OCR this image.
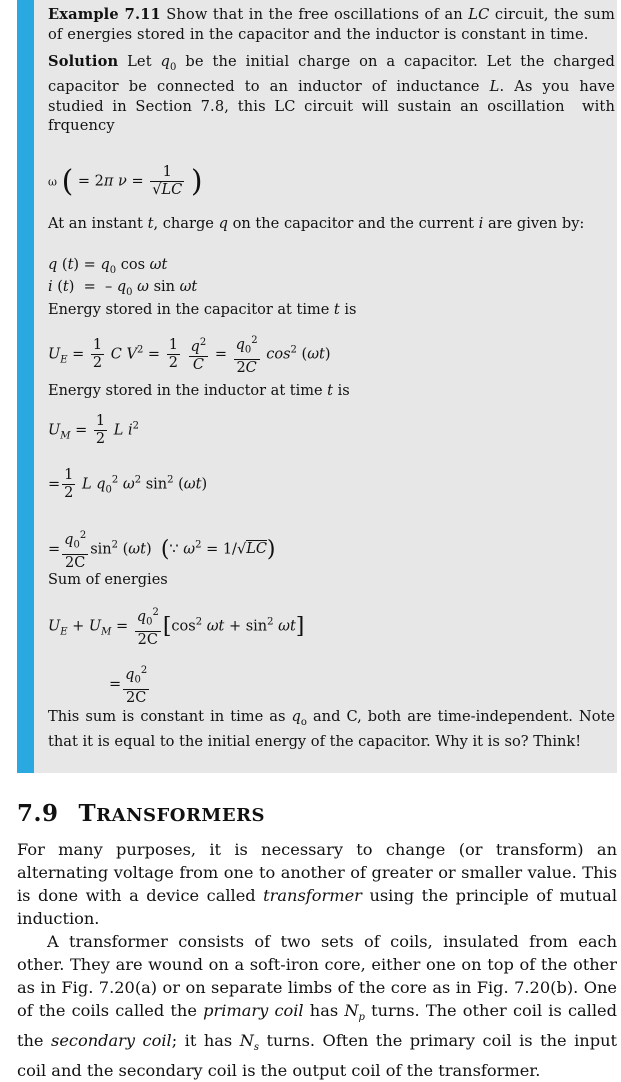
Example 7.11 Show that in the free oscillations of an LC circuit, the sum of energies stored in the capacitor and the inductor is constant in time.

Solution Let $q_0$ be the initial charge on a capacitor. Let the charged capacitor be connected to an inductor of inductance L. As you have studied in Section 7.8, this LC circuit will sustain an oscillation  with frquency

ω ( = 2π $\nu = \frac{1}{√LC}$ )
At an instant t, charge q on the capacitor and the current i are given by:
q $(t) = q_0$ cos ωt
i (t)  =  – $q_0$ ω sin ωt
Energy stored in the capacitor at time t is
$U_E = \frac{1}{2}$ C $V^2 = \frac{1}{2}$
$\frac{q^2}{C} = \frac{q_0^2}{2C} \cos^2 (\omega t)$
Energy stored in the inductor at time t is
$U_M = \frac{1}{2}$ L $i^2$
= $\frac{1}{2}$ L $q_0^2$ $\omega^2$ $\sin^2 (\omega t)$
= $\frac{q_0^2}{2C} \sin^2 (\omega t)$  (∵ $\omega^2 = 1/√LC$)
Sum of energies
$U_E + U_M = \frac{q_0^2}{2C} [\cos^2$ $\omega t + \sin^2 \omega t$]
= $\frac{q_0^2}{2C}$
This sum is constant in time as $q_o$ and C, both are time-independent. Note that it is equal to the initial energy of the capacitor. Why it is so? Think!
7.9 TRANSFORMERS

For many purposes, it is necessary to change (or transform) an alternating voltage from one to another of greater or smaller value. This is done with a device called transformer using the principle of mutual induction.

A transformer consists of two sets of coils, insulated from each other. They are wound on a soft-iron core, either one on top of the other as in Fig. 7.20(a) or on separate limbs of the core as in Fig. 7.20(b). One of the coils called the primary coil has $N_p$ turns. The other coil is called the secondary coil; it has $N_s$ turns. Often the primary coil is the input coil and the secondary coil is the output coil of the transformer.
